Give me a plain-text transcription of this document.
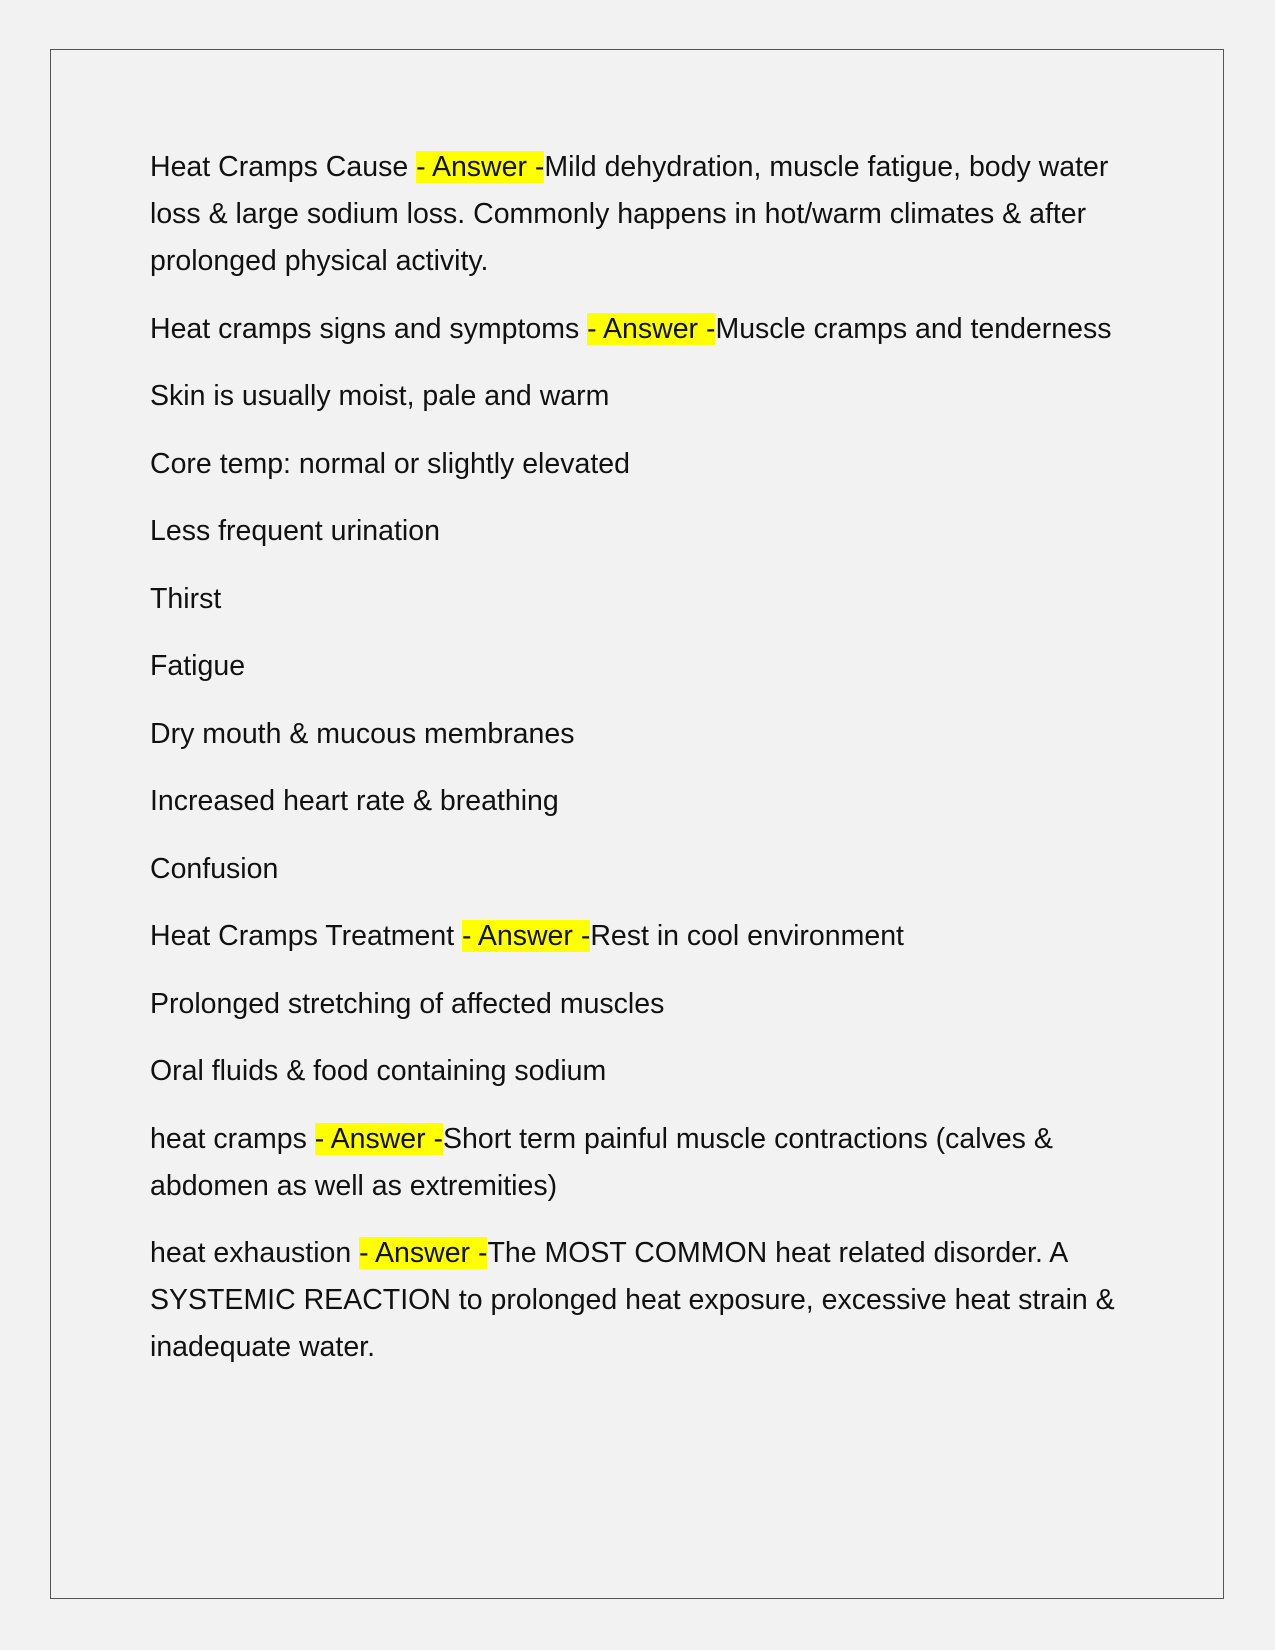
Heat Cramps Cause - Answer -Mild dehydration, muscle fatigue, body water loss & large sodium loss. Commonly happens in hot/warm climates & after prolonged physical activity.

Heat cramps signs and symptoms - Answer -Muscle cramps and tenderness

Skin is usually moist, pale and warm

Core temp: normal or slightly elevated

Less frequent urination

Thirst

Fatigue

Dry mouth & mucous membranes

Increased heart rate & breathing

Confusion

Heat Cramps Treatment - Answer -Rest in cool environment

Prolonged stretching of affected muscles

Oral fluids & food containing sodium

heat cramps - Answer -Short term painful muscle contractions (calves & abdomen as well as extremities)

heat exhaustion - Answer -The MOST COMMON heat related disorder. A SYSTEMIC REACTION to prolonged heat exposure, excessive heat strain & inadequate water.
